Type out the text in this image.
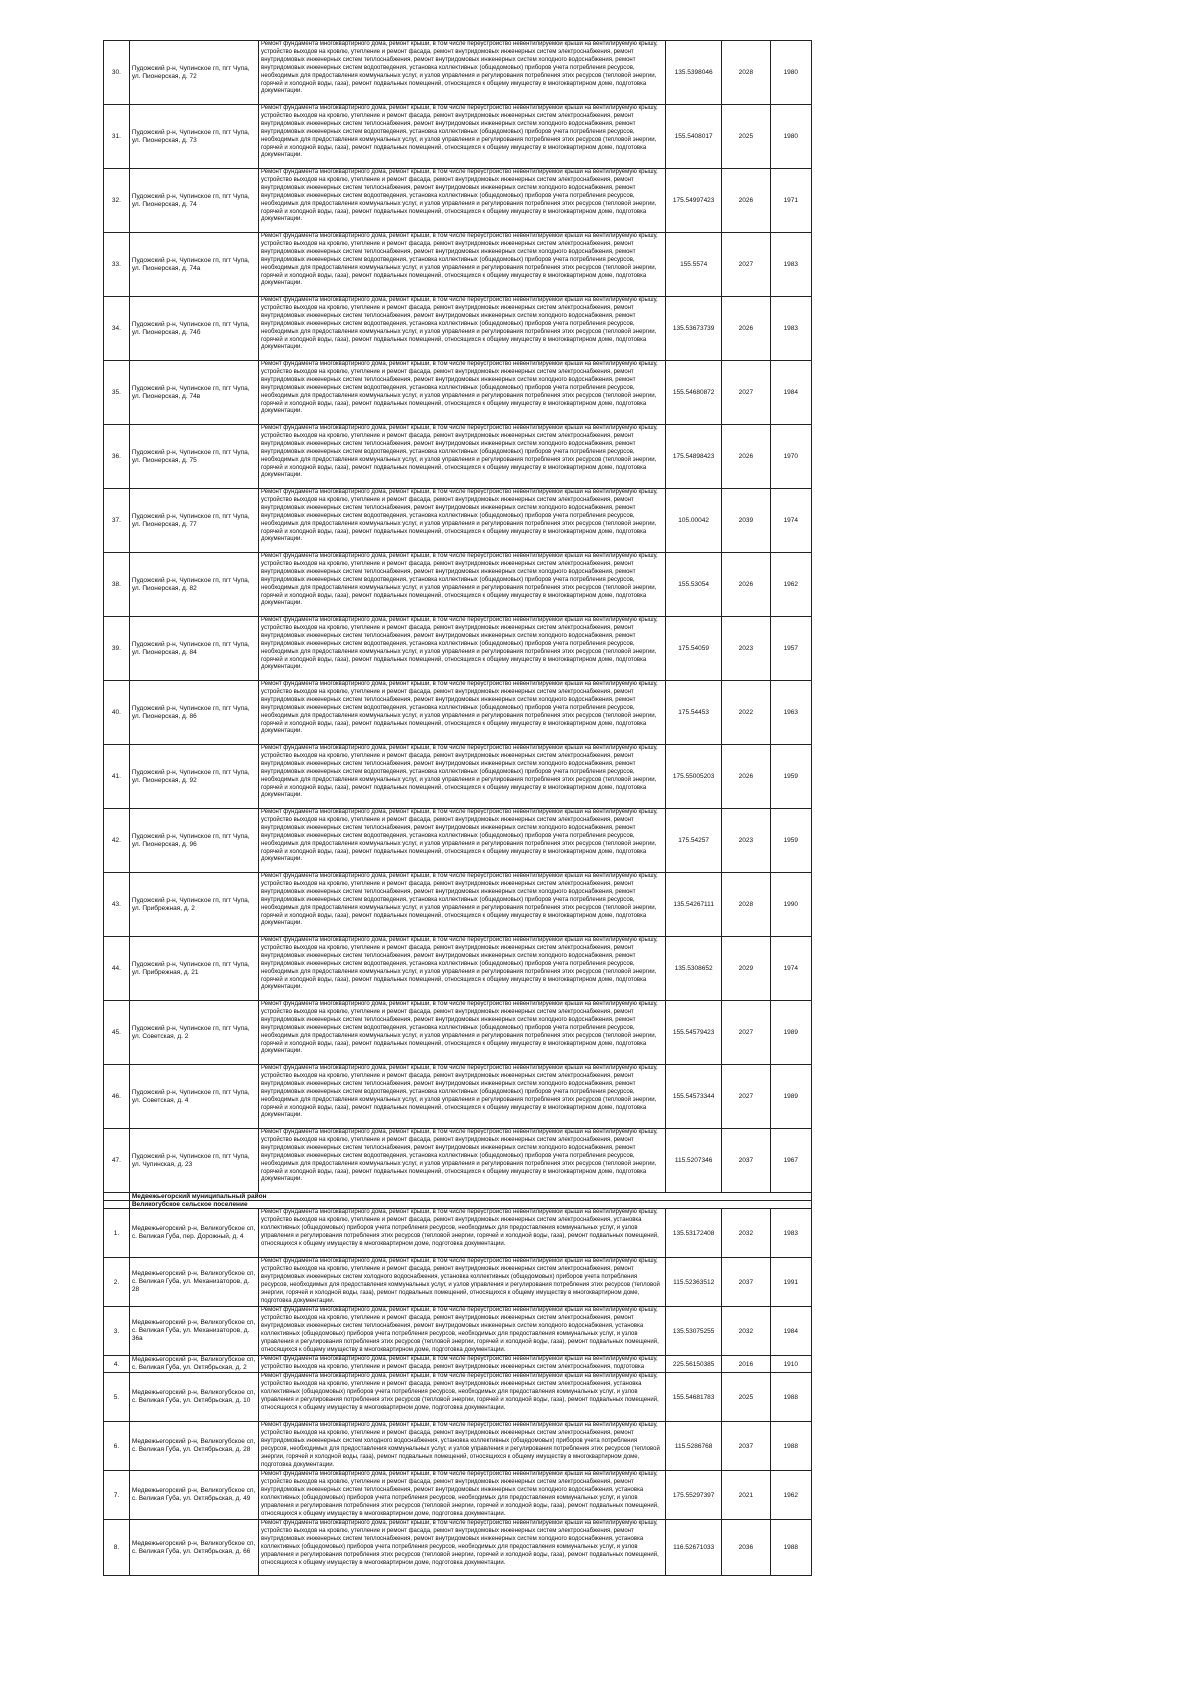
30.	Пудожский р-н, Чупинское гп, пгт Чупа, ул. Пионерская, д. 72	Ремонт фундамента многоквартирного дома, ремонт крыши, в том числе переустройство невентилируемой крыши на вентилируемую крышу, устройство выходов на кровлю, утепление и ремонт фасада, ремонт внутридомовых инженерных систем электроснабжения, ремонт внутридомовых инженерных систем теплоснабжения, ремонт внутридомовых инженерных систем холодного водоснабжения, ремонт внутридомовых инженерных систем водоотведения, установка коллективных (общедомовых) приборов учета потребления ресурсов, необходимых для предоставления коммунальных услуг, и узлов управления и регулирования потребления этих ресурсов (тепловой энергии, горячей и холодной воды, газа), ремонт подвальных помещений, относящихся к общему имуществу в многоквартирном доме, подготовка документации.	135.5398046	2028	1980
31.	Пудожский р-н, Чупинское гп, пгт Чупа, ул. Пионерская, д. 73	Ремонт фундамента многоквартирного дома, ремонт крыши, в том числе переустройство невентилируемой крыши на вентилируемую крышу, устройство выходов на кровлю, утепление и ремонт фасада, ремонт внутридомовых инженерных систем электроснабжения, ремонт внутридомовых инженерных систем теплоснабжения, ремонт внутридомовых инженерных систем холодного водоснабжения, ремонт внутридомовых инженерных систем водоотведения, установка коллективных (общедомовых) приборов учета потребления ресурсов, необходимых для предоставления коммунальных услуг, и узлов управления и регулирования потребления этих ресурсов (тепловой энергии, горячей и холодной воды, газа), ремонт подвальных помещений, относящихся к общему имуществу в многоквартирном доме, подготовка документации.	155.5408017	2025	1980
32.	Пудожский р-н, Чупинское гп, пгт Чупа, ул. Пионерская, д. 74	Ремонт фундамента многоквартирного дома, ремонт крыши, в том числе переустройство невентилируемой крыши на вентилируемую крышу, устройство выходов на кровлю, утепление и ремонт фасада, ремонт внутридомовых инженерных систем электроснабжения, ремонт внутридомовых инженерных систем теплоснабжения, ремонт внутридомовых инженерных систем холодного водоснабжения, ремонт внутридомовых инженерных систем водоотведения, установка коллективных (общедомовых) приборов учета потребления ресурсов, необходимых для предоставления коммунальных услуг, и узлов управления и регулирования потребления этих ресурсов (тепловой энергии, горячей и холодной воды, газа), ремонт подвальных помещений, относящихся к общему имуществу в многоквартирном доме, подготовка документации.	175.54997423	2026	1971
33.	Пудожский р-н, Чупинское гп, пгт Чупа, ул. Пионерская, д. 74а	Ремонт фундамента многоквартирного дома, ремонт крыши, в том числе переустройство невентилируемой крыши на вентилируемую крышу, устройство выходов на кровлю, утепление и ремонт фасада, ремонт внутридомовых инженерных систем электроснабжения, ремонт внутридомовых инженерных систем теплоснабжения, ремонт внутридомовых инженерных систем холодного водоснабжения, ремонт внутридомовых инженерных систем водоотведения, установка коллективных (общедомовых) приборов учета потребления ресурсов, необходимых для предоставления коммунальных услуг, и узлов управления и регулирования потребления этих ресурсов (тепловой энергии, горячей и холодной воды, газа), ремонт подвальных помещений, относящихся к общему имуществу в многоквартирном доме, подготовка документации.	155.5574	2027	1983
34.	Пудожский р-н, Чупинское гп, пгт Чупа, ул. Пионерская, д. 74б	Ремонт фундамента многоквартирного дома, ремонт крыши, в том числе переустройство невентилируемой крыши на вентилируемую крышу, устройство выходов на кровлю, утепление и ремонт фасада, ремонт внутридомовых инженерных систем электроснабжения, ремонт внутридомовых инженерных систем теплоснабжения, ремонт внутридомовых инженерных систем холодного водоснабжения, ремонт внутридомовых инженерных систем водоотведения, установка коллективных (общедомовых) приборов учета потребления ресурсов, необходимых для предоставления коммунальных услуг, и узлов управления и регулирования потребления этих ресурсов (тепловой энергии, горячей и холодной воды, газа), ремонт подвальных помещений, относящихся к общему имуществу в многоквартирном доме, подготовка документации.	135.53673739	2026	1983
35.	Пудожский р-н, Чупинское гп, пгт Чупа, ул. Пионерская, д. 74в	Ремонт фундамента многоквартирного дома, ремонт крыши, в том числе переустройство невентилируемой крыши на вентилируемую крышу, устройство выходов на кровлю, утепление и ремонт фасада, ремонт внутридомовых инженерных систем электроснабжения, ремонт внутридомовых инженерных систем теплоснабжения, ремонт внутридомовых инженерных систем холодного водоснабжения, ремонт внутридомовых инженерных систем водоотведения, установка коллективных (общедомовых) приборов учета потребления ресурсов, необходимых для предоставления коммунальных услуг, и узлов управления и регулирования потребления этих ресурсов (тепловой энергии, горячей и холодной воды, газа), ремонт подвальных помещений, относящихся к общему имуществу в многоквартирном доме, подготовка документации.	155.54680872	2027	1984
36.	Пудожский р-н, Чупинское гп, пгт Чупа, ул. Пионерская, д. 75	Ремонт фундамента многоквартирного дома, ремонт крыши, в том числе переустройство невентилируемой крыши на вентилируемую крышу, устройство выходов на кровлю, утепление и ремонт фасада, ремонт внутридомовых инженерных систем электроснабжения, ремонт внутридомовых инженерных систем теплоснабжения, ремонт внутридомовых инженерных систем холодного водоснабжения, ремонт внутридомовых инженерных систем водоотведения, установка коллективных (общедомовых) приборов учета потребления ресурсов, необходимых для предоставления коммунальных услуг, и узлов управления и регулирования потребления этих ресурсов (тепловой энергии, горячей и холодной воды, газа), ремонт подвальных помещений, относящихся к общему имуществу в многоквартирном доме, подготовка документации.	175.54898423	2026	1970
37.	Пудожский р-н, Чупинское гп, пгт Чупа, ул. Пионерская, д. 77	Ремонт фундамента многоквартирного дома, ремонт крыши, в том числе переустройство невентилируемой крыши на вентилируемую крышу, устройство выходов на кровлю, утепление и ремонт фасада, ремонт внутридомовых инженерных систем электроснабжения, ремонт внутридомовых инженерных систем теплоснабжения, ремонт внутридомовых инженерных систем холодного водоснабжения, ремонт внутридомовых инженерных систем водоотведения, установка коллективных (общедомовых) приборов учета потребления ресурсов, необходимых для предоставления коммунальных услуг, и узлов управления и регулирования потребления этих ресурсов (тепловой энергии, горячей и холодной воды, газа), ремонт подвальных помещений, относящихся к общему имуществу в многоквартирном доме, подготовка документации.	105.00042	2039	1974
38.	Пудожский р-н, Чупинское гп, пгт Чупа, ул. Пионерская, д. 82	Ремонт фундамента многоквартирного дома, ремонт крыши, в том числе переустройство невентилируемой крыши на вентилируемую крышу, устройство выходов на кровлю, утепление и ремонт фасада, ремонт внутридомовых инженерных систем электроснабжения, ремонт внутридомовых инженерных систем теплоснабжения, ремонт внутридомовых инженерных систем холодного водоснабжения, ремонт внутридомовых инженерных систем водоотведения, установка коллективных (общедомовых) приборов учета потребления ресурсов, необходимых для предоставления коммунальных услуг, и узлов управления и регулирования потребления этих ресурсов (тепловой энергии, горячей и холодной воды, газа), ремонт подвальных помещений, относящихся к общему имуществу в многоквартирном доме, подготовка документации.	155.53054	2026	1962
39.	Пудожский р-н, Чупинское гп, пгт Чупа, ул. Пионерская, д. 84	Ремонт фундамента многоквартирного дома, ремонт крыши, в том числе переустройство невентилируемой крыши на вентилируемую крышу, устройство выходов на кровлю, утепление и ремонт фасада, ремонт внутридомовых инженерных систем электроснабжения, ремонт внутридомовых инженерных систем теплоснабжения, ремонт внутридомовых инженерных систем холодного водоснабжения, ремонт внутридомовых инженерных систем водоотведения, установка коллективных (общедомовых) приборов учета потребления ресурсов, необходимых для предоставления коммунальных услуг, и узлов управления и регулирования потребления этих ресурсов (тепловой энергии, горячей и холодной воды, газа), ремонт подвальных помещений, относящихся к общему имуществу в многоквартирном доме, подготовка документации.	175.54059	2023	1957
40.	Пудожский р-н, Чупинское гп, пгт Чупа, ул. Пионерская, д. 86	Ремонт фундамента многоквартирного дома, ремонт крыши, в том числе переустройство невентилируемой крыши на вентилируемую крышу, устройство выходов на кровлю, утепление и ремонт фасада, ремонт внутридомовых инженерных систем электроснабжения, ремонт внутридомовых инженерных систем теплоснабжения, ремонт внутридомовых инженерных систем холодного водоснабжения, ремонт внутридомовых инженерных систем водоотведения, установка коллективных (общедомовых) приборов учета потребления ресурсов, необходимых для предоставления коммунальных услуг, и узлов управления и регулирования потребления этих ресурсов (тепловой энергии, горячей и холодной воды, газа), ремонт подвальных помещений, относящихся к общему имуществу в многоквартирном доме, подготовка документации.	175.54453	2022	1963
41.	Пудожский р-н, Чупинское гп, пгт Чупа, ул. Пионерская, д. 92	Ремонт фундамента многоквартирного дома, ремонт крыши, в том числе переустройство невентилируемой крыши на вентилируемую крышу, устройство выходов на кровлю, утепление и ремонт фасада, ремонт внутридомовых инженерных систем электроснабжения, ремонт внутридомовых инженерных систем теплоснабжения, ремонт внутридомовых инженерных систем холодного водоснабжения, ремонт внутридомовых инженерных систем водоотведения, установка коллективных (общедомовых) приборов учета потребления ресурсов, необходимых для предоставления коммунальных услуг, и узлов управления и регулирования потребления этих ресурсов (тепловой энергии, горячей и холодной воды, газа), ремонт подвальных помещений, относящихся к общему имуществу в многоквартирном доме, подготовка документации.	175.55005203	2026	1959
42.	Пудожский р-н, Чупинское гп, пгт Чупа, ул. Пионерская, д. 96	Ремонт фундамента многоквартирного дома, ремонт крыши, в том числе переустройство невентилируемой крыши на вентилируемую крышу, устройство выходов на кровлю, утепление и ремонт фасада, ремонт внутридомовых инженерных систем электроснабжения, ремонт внутридомовых инженерных систем теплоснабжения, ремонт внутридомовых инженерных систем холодного водоснабжения, ремонт внутридомовых инженерных систем водоотведения, установка коллективных (общедомовых) приборов учета потребления ресурсов, необходимых для предоставления коммунальных услуг, и узлов управления и регулирования потребления этих ресурсов (тепловой энергии, горячей и холодной воды, газа), ремонт подвальных помещений, относящихся к общему имуществу в многоквартирном доме, подготовка документации.	175.54257	2023	1959
43.	Пудожский р-н, Чупинское гп, пгт Чупа, ул. Прибрежная, д. 2	Ремонт фундамента многоквартирного дома, ремонт крыши, в том числе переустройство невентилируемой крыши на вентилируемую крышу, устройство выходов на кровлю, утепление и ремонт фасада, ремонт внутридомовых инженерных систем электроснабжения, ремонт внутридомовых инженерных систем теплоснабжения, ремонт внутридомовых инженерных систем холодного водоснабжения, ремонт внутридомовых инженерных систем водоотведения, установка коллективных (общедомовых) приборов учета потребления ресурсов, необходимых для предоставления коммунальных услуг, и узлов управления и регулирования потребления этих ресурсов (тепловой энергии, горячей и холодной воды, газа), ремонт подвальных помещений, относящихся к общему имуществу в многоквартирном доме, подготовка документации.	135.54267111	2028	1990
44.	Пудожский р-н, Чупинское гп, пгт Чупа, ул. Прибрежная, д. 21	Ремонт фундамента многоквартирного дома, ремонт крыши, в том числе переустройство невентилируемой крыши на вентилируемую крышу, устройство выходов на кровлю, утепление и ремонт фасада, ремонт внутридомовых инженерных систем электроснабжения, ремонт внутридомовых инженерных систем теплоснабжения, ремонт внутридомовых инженерных систем холодного водоснабжения, ремонт внутридомовых инженерных систем водоотведения, установка коллективных (общедомовых) приборов учета потребления ресурсов, необходимых для предоставления коммунальных услуг, и узлов управления и регулирования потребления этих ресурсов (тепловой энергии, горячей и холодной воды, газа), ремонт подвальных помещений, относящихся к общему имуществу в многоквартирном доме, подготовка документации.	135.5308652	2029	1974
45.	Пудожский р-н, Чупинское гп, пгт Чупа, ул. Советская, д. 2	Ремонт фундамента многоквартирного дома, ремонт крыши, в том числе переустройство невентилируемой крыши на вентилируемую крышу, устройство выходов на кровлю, утепление и ремонт фасада, ремонт внутридомовых инженерных систем электроснабжения, ремонт внутридомовых инженерных систем теплоснабжения, ремонт внутридомовых инженерных систем холодного водоснабжения, ремонт внутридомовых инженерных систем водоотведения, установка коллективных (общедомовых) приборов учета потребления ресурсов, необходимых для предоставления коммунальных услуг, и узлов управления и регулирования потребления этих ресурсов (тепловой энергии, горячей и холодной воды, газа), ремонт подвальных помещений, относящихся к общему имуществу в многоквартирном доме, подготовка документации.	155.54579423	2027	1989
46.	Пудожский р-н, Чупинское гп, пгт Чупа, ул. Советская, д. 4	Ремонт фундамента многоквартирного дома, ремонт крыши, в том числе переустройство невентилируемой крыши на вентилируемую крышу, устройство выходов на кровлю, утепление и ремонт фасада, ремонт внутридомовых инженерных систем электроснабжения, ремонт внутридомовых инженерных систем теплоснабжения, ремонт внутридомовых инженерных систем холодного водоснабжения, ремонт внутридомовых инженерных систем водоотведения, установка коллективных (общедомовых) приборов учета потребления ресурсов, необходимых для предоставления коммунальных услуг, и узлов управления и регулирования потребления этих ресурсов (тепловой энергии, горячей и холодной воды, газа), ремонт подвальных помещений, относящихся к общему имуществу в многоквартирном доме, подготовка документации.	155.54573344	2027	1989
47.	Пудожский р-н, Чупинское гп, пгт Чупа, ул. Чупинская, д. 23	Ремонт фундамента многоквартирного дома, ремонт крыши, в том числе переустройство невентилируемой крыши на вентилируемую крышу, устройство выходов на кровлю, утепление и ремонт фасада, ремонт внутридомовых инженерных систем электроснабжения, ремонт внутридомовых инженерных систем теплоснабжения, ремонт внутридомовых инженерных систем холодного водоснабжения, ремонт внутридомовых инженерных систем водоотведения, установка коллективных (общедомовых) приборов учета потребления ресурсов, необходимых для предоставления коммунальных услуг, и узлов управления и регулирования потребления этих ресурсов (тепловой энергии, горячей и холодной воды, газа), ремонт подвальных помещений, относящихся к общему имуществу в многоквартирном доме, подготовка документации.	115.5207346	2037	1967
	Медвежьегорский муниципальный район				
	Великогубское сельское поселение				
1.	Медвежьегорский р-н, Великогубское сп, с. Великая Губа, пер. Дорожный, д. 4	Ремонт фундамента многоквартирного дома, ремонт крыши, в том числе переустройство невентилируемой крыши на вентилируемую крышу, устройство выходов на кровлю, утепление и ремонт фасада, ремонт внутридомовых инженерных систем электроснабжения, установка коллективных (общедомовых) приборов учета потребления ресурсов, необходимых для предоставления коммунальных услуг, и узлов управления и регулирования потребления этих ресурсов (тепловой энергии, горячей и холодной воды, газа), ремонт подвальных помещений, относящихся к общему имуществу в многоквартирном доме, подготовка документации.	135.53172408	2032	1983
2.	Медвежьегорский р-н, Великогубское сп, с. Великая Губа, ул. Механизаторов, д. 28	Ремонт фундамента многоквартирного дома, ремонт крыши, в том числе переустройство невентилируемой крыши на вентилируемую крышу, устройство выходов на кровлю, утепление и ремонт фасада, ремонт внутридомовых инженерных систем электроснабжения, ремонт внутридомовых инженерных систем холодного водоснабжения, установка коллективных (общедомовых) приборов учета потребления ресурсов, необходимых для предоставления коммунальных услуг, и узлов управления и регулирования потребления этих ресурсов (тепловой энергии, горячей и холодной воды, газа), ремонт подвальных помещений, относящихся к общему имуществу в многоквартирном доме, подготовка документации.	115.52363512	2037	1991
3.	Медвежьегорский р-н, Великогубское сп, с. Великая Губа, ул. Механизаторов, д. 36а	Ремонт фундамента многоквартирного дома, ремонт крыши, в том числе переустройство невентилируемой крыши на вентилируемую крышу, устройство выходов на кровлю, утепление и ремонт фасада, ремонт внутридомовых инженерных систем электроснабжения, ремонт внутридомовых инженерных систем теплоснабжения, ремонт внутридомовых инженерных систем холодного водоснабжения, установка коллективных (общедомовых) приборов учета потребления ресурсов, необходимых для предоставления коммунальных услуг, и узлов управления и регулирования потребления этих ресурсов (тепловой энергии, горячей и холодной воды, газа), ремонт подвальных помещений, относящихся к общему имуществу в многоквартирном доме, подготовка документации.	135.53075255	2032	1984
4.	Медвежьегорский р-н, Великогубское сп, с. Великая Губа, ул. Октябрьская, д. 2	Ремонт фундамента многоквартирного дома, ремонт крыши, в том числе переустройство невентилируемой крыши на вентилируемую крышу, устройство выходов на кровлю, утепление и ремонт фасада, ремонт внутридомовых инженерных систем электроснабжения, подготовка	225.56150385	2016	1910
5.	Медвежьегорский р-н, Великогубское сп, с. Великая Губа, ул. Октябрьская, д. 10	Ремонт фундамента многоквартирного дома, ремонт крыши, в том числе переустройство невентилируемой крыши на вентилируемую крышу, устройство выходов на кровлю, утепление и ремонт фасада, ремонт внутридомовых инженерных систем электроснабжения, установка коллективных (общедомовых) приборов учета потребления ресурсов, необходимых для предоставления коммунальных услуг, и узлов управления и регулирования потребления этих ресурсов (тепловой энергии, горячей и холодной воды, газа), ремонт подвальных помещений, относящихся к общему имуществу в многоквартирном доме, подготовка документации.	155.54681783	2025	1988
6.	Медвежьегорский р-н, Великогубское сп, с. Великая Губа, ул. Октябрьская, д. 28	Ремонт фундамента многоквартирного дома, ремонт крыши, в том числе переустройство невентилируемой крыши на вентилируемую крышу, устройство выходов на кровлю, утепление и ремонт фасада, ремонт внутридомовых инженерных систем электроснабжения, ремонт внутридомовых инженерных систем холодного водоснабжения, установка коллективных (общедомовых) приборов учета потребления ресурсов, необходимых для предоставления коммунальных услуг, и узлов управления и регулирования потребления этих ресурсов (тепловой энергии, горячей и холодной воды, газа), ремонт подвальных помещений, относящихся к общему имуществу в многоквартирном доме, подготовка документации.	115.5286768	2037	1988
7.	Медвежьегорский р-н, Великогубское сп, с. Великая Губа, ул. Октябрьская, д. 49	Ремонт фундамента многоквартирного дома, ремонт крыши, в том числе переустройство невентилируемой крыши на вентилируемую крышу, устройство выходов на кровлю, утепление и ремонт фасада, ремонт внутридомовых инженерных систем электроснабжения, ремонт внутридомовых инженерных систем теплоснабжения, ремонт внутридомовых инженерных систем холодного водоснабжения, установка коллективных (общедомовых) приборов учета потребления ресурсов, необходимых для предоставления коммунальных услуг, и узлов управления и регулирования потребления этих ресурсов (тепловой энергии, горячей и холодной воды, газа), ремонт подвальных помещений, относящихся к общему имуществу в многоквартирном доме, подготовка документации.	175.55297397	2021	1962
8.	Медвежьегорский р-н, Великогубское сп, с. Великая Губа, ул. Октябрьская, д. 66	Ремонт фундамента многоквартирного дома, ремонт крыши, в том числе переустройство невентилируемой крыши на вентилируемую крышу, устройство выходов на кровлю, утепление и ремонт фасада, ремонт внутридомовых инженерных систем электроснабжения, ремонт внутридомовых инженерных систем теплоснабжения, ремонт внутридомовых инженерных систем холодного водоснабжения, установка коллективных (общедомовых) приборов учета потребления ресурсов, необходимых для предоставления коммунальных услуг, и узлов управления и регулирования потребления этих ресурсов (тепловой энергии, горячей и холодной воды, газа), ремонт подвальных помещений, относящихся к общему имуществу в многоквартирном доме, подготовка документации.	116.52671033	2036	1988
